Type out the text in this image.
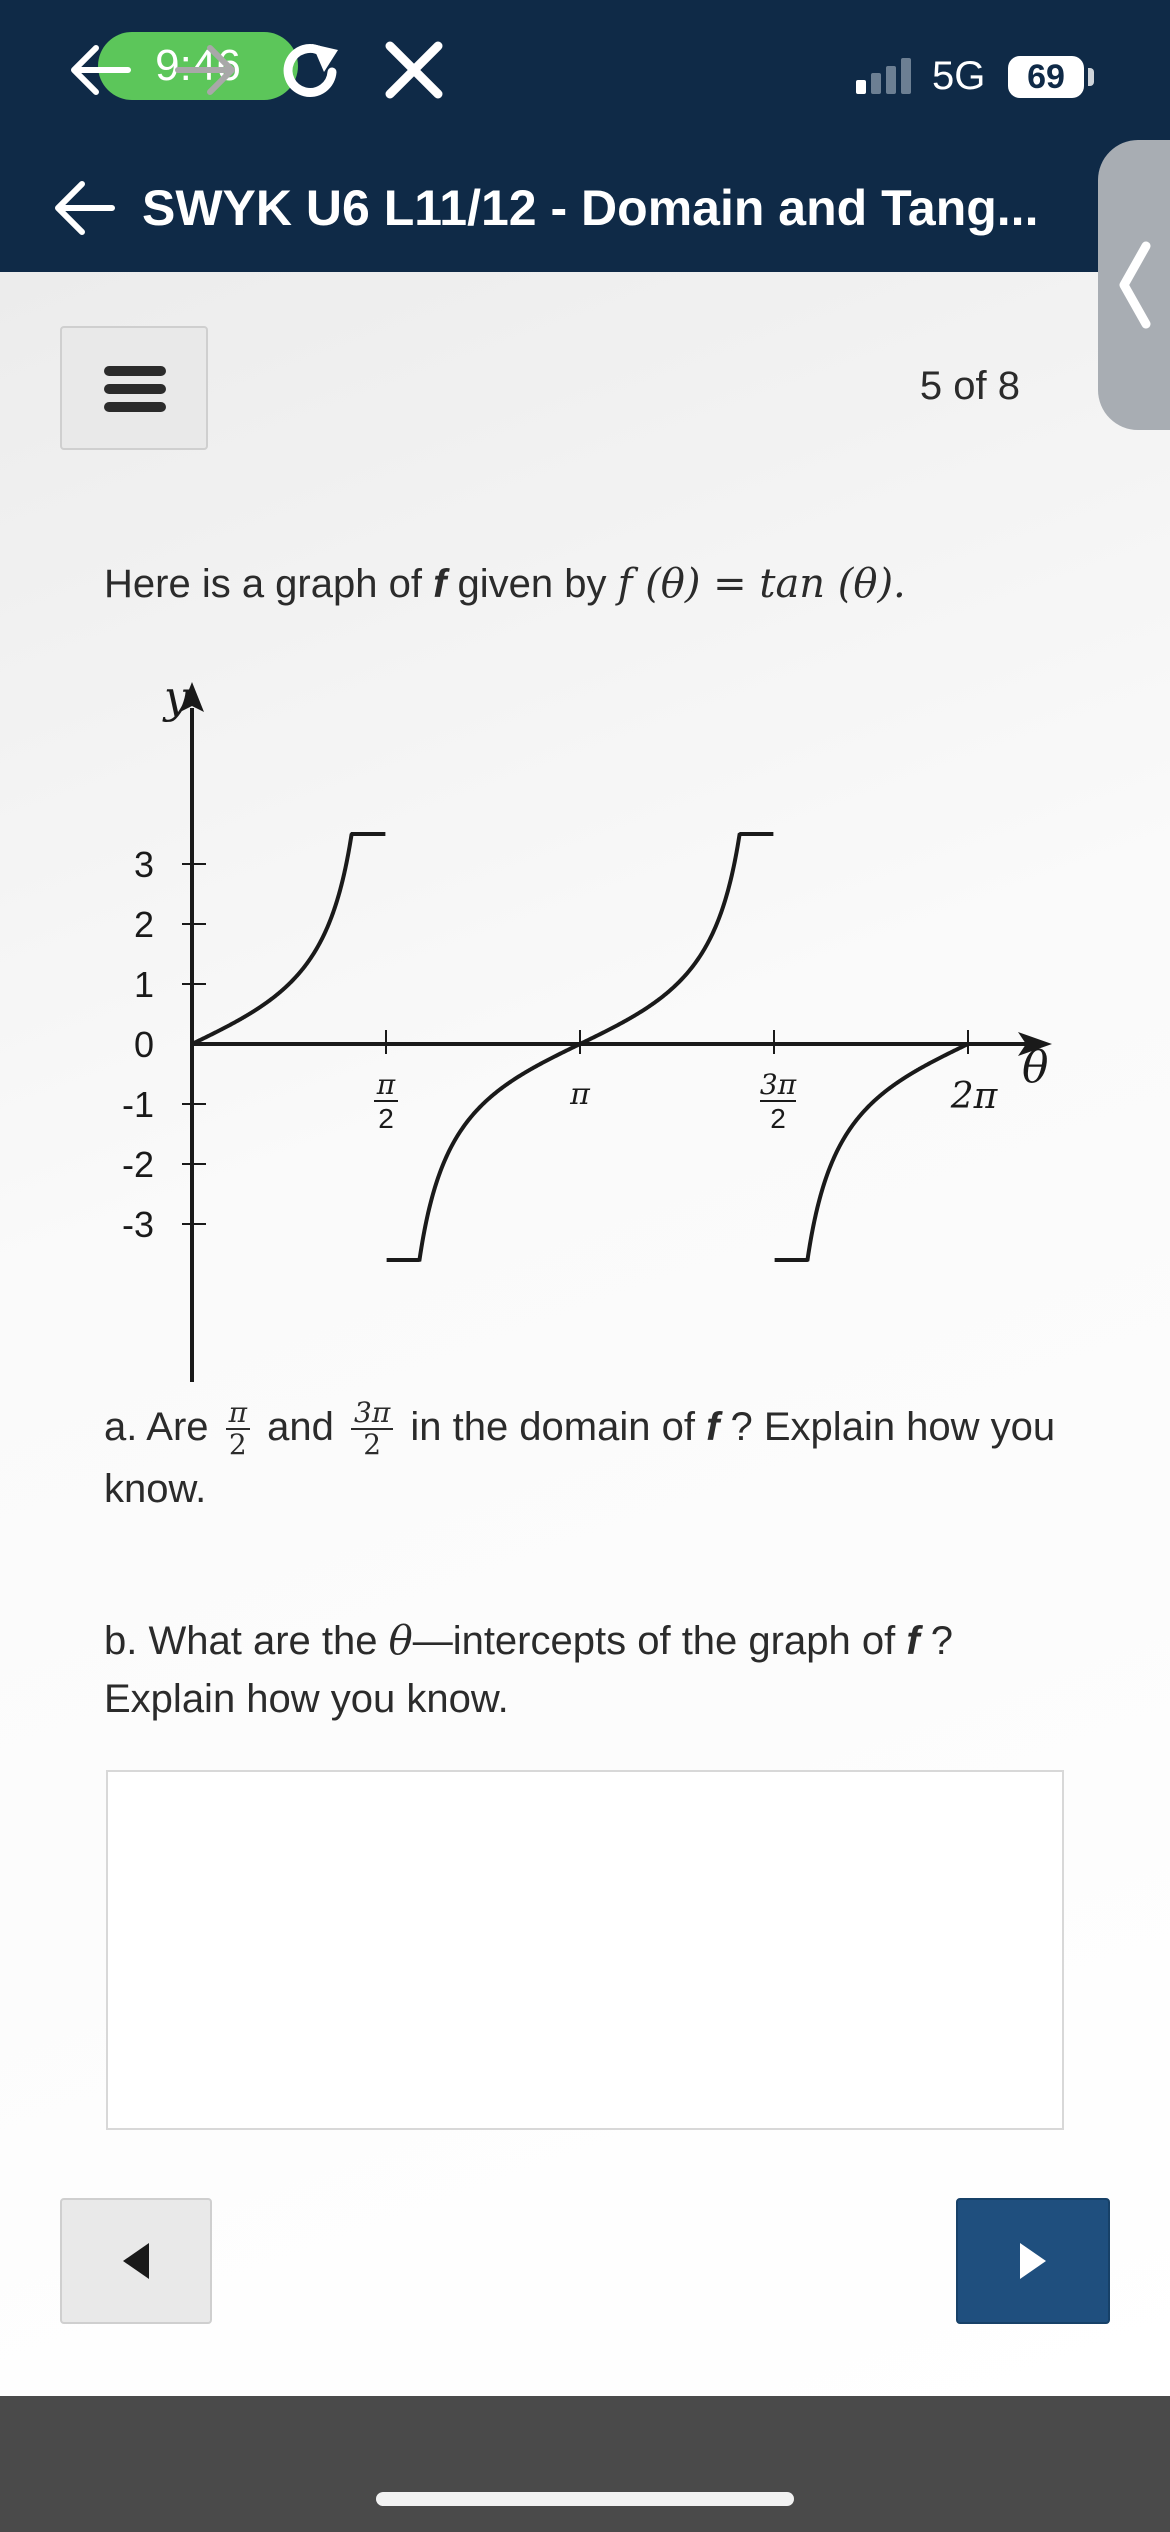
9:46	5G	69
SWYK U6 L11/12 - Domain and Tang...
5 of 8
Here is a graph of f given by f (θ) = tan (θ).
3
2
1
0
-1
-2
-3
y
θ
π
2
π	3π
2
2π
a. Are $\frac{\pi}{2}$ and $\frac{3\pi}{2}$ in the domain of f ? Explain how you know.
b. What are the θ—intercepts of the graph of f ? Explain how you know.
